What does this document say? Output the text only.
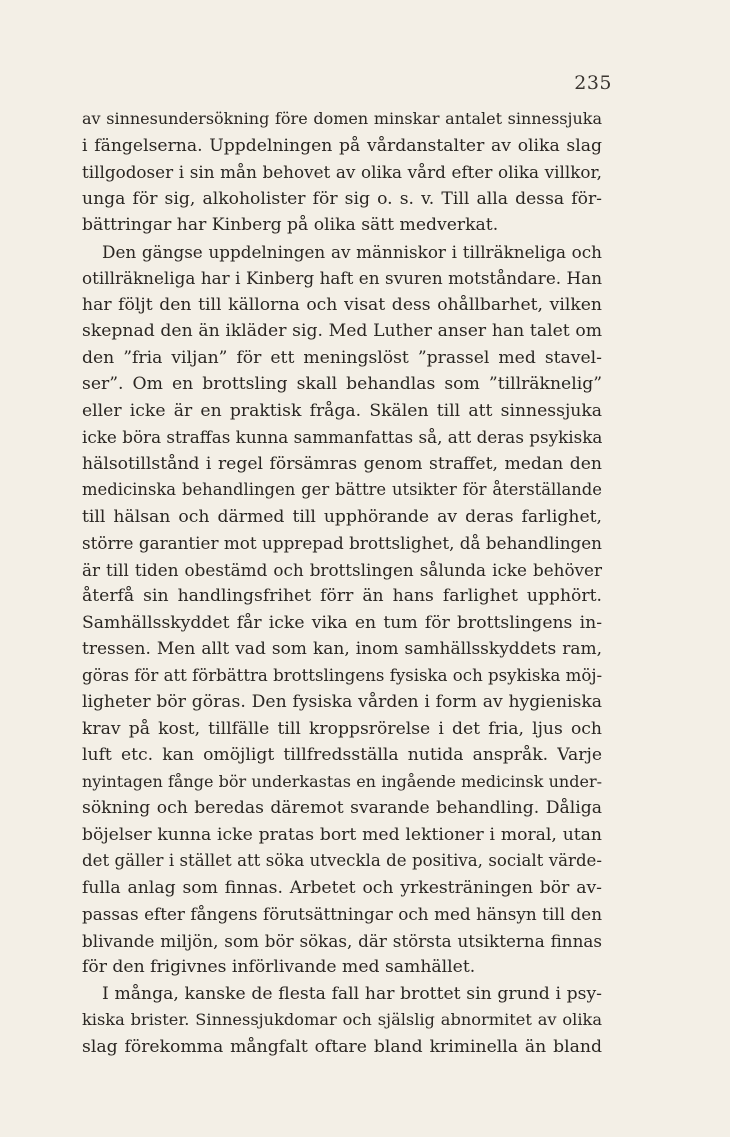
235
av sinnesundersökning före domen minskar antalet sinnessjuka
i fängelserna. Uppdelningen på vårdanstalter av olika slag
tillgodoser i sin mån behovet av olika vård efter olika villkor,
unga för sig, alkoholister för sig o. s. v. Till alla dessa för-
bättringar har Kinberg på olika sätt medverkat.
Den gängse uppdelningen av människor i tillräkneliga och
otillräkneliga har i Kinberg haft en svuren motståndare. Han
har följt den till källorna och visat dess ohållbarhet, vilken
skepnad den än ikläder sig. Med Luther anser han talet om
den ”fria viljan” för ett meningslöst ”prassel med stavel-
ser”. Om en brottsling skall behandlas som ”tillräknelig”
eller icke är en praktisk fråga. Skälen till att sinnessjuka
icke böra straffas kunna sammanfattas så, att deras psykiska
hälsotillstånd i regel försämras genom straffet, medan den
medicinska behandlingen ger bättre utsikter för återställande
till hälsan och därmed till upphörande av deras farlighet,
större garantier mot upprepad brottslighet, då behandlingen
är till tiden obestämd och brottslingen sålunda icke behöver
återfå sin handlingsfrihet förr än hans farlighet upphört.
Samhällsskyddet får icke vika en tum för brottslingens in-
tressen. Men allt vad som kan, inom samhällsskyddets ram,
göras för att förbättra brottslingens fysiska och psykiska möj-
ligheter bör göras. Den fysiska vården i form av hygieniska
krav på kost, tillfälle till kroppsrörelse i det fria, ljus och
luft etc. kan omöjligt tillfredsställa nutida anspråk. Varje
nyintagen fånge bör underkastas en ingående medicinsk under-
sökning och beredas däremot svarande behandling. Dåliga
böjelser kunna icke pratas bort med lektioner i moral, utan
det gäller i stället att söka utveckla de positiva, socialt värde-
fulla anlag som finnas. Arbetet och yrkesträningen bör av-
passas efter fångens förutsättningar och med hänsyn till den
blivande miljön, som bör sökas, där största utsikterna finnas
för den frigivnes införlivande med samhället.
I många, kanske de flesta fall har brottet sin grund i psy-
kiska brister. Sinnessjukdomar och själslig abnormitet av olika
slag förekomma mångfalt oftare bland kriminella än bland
